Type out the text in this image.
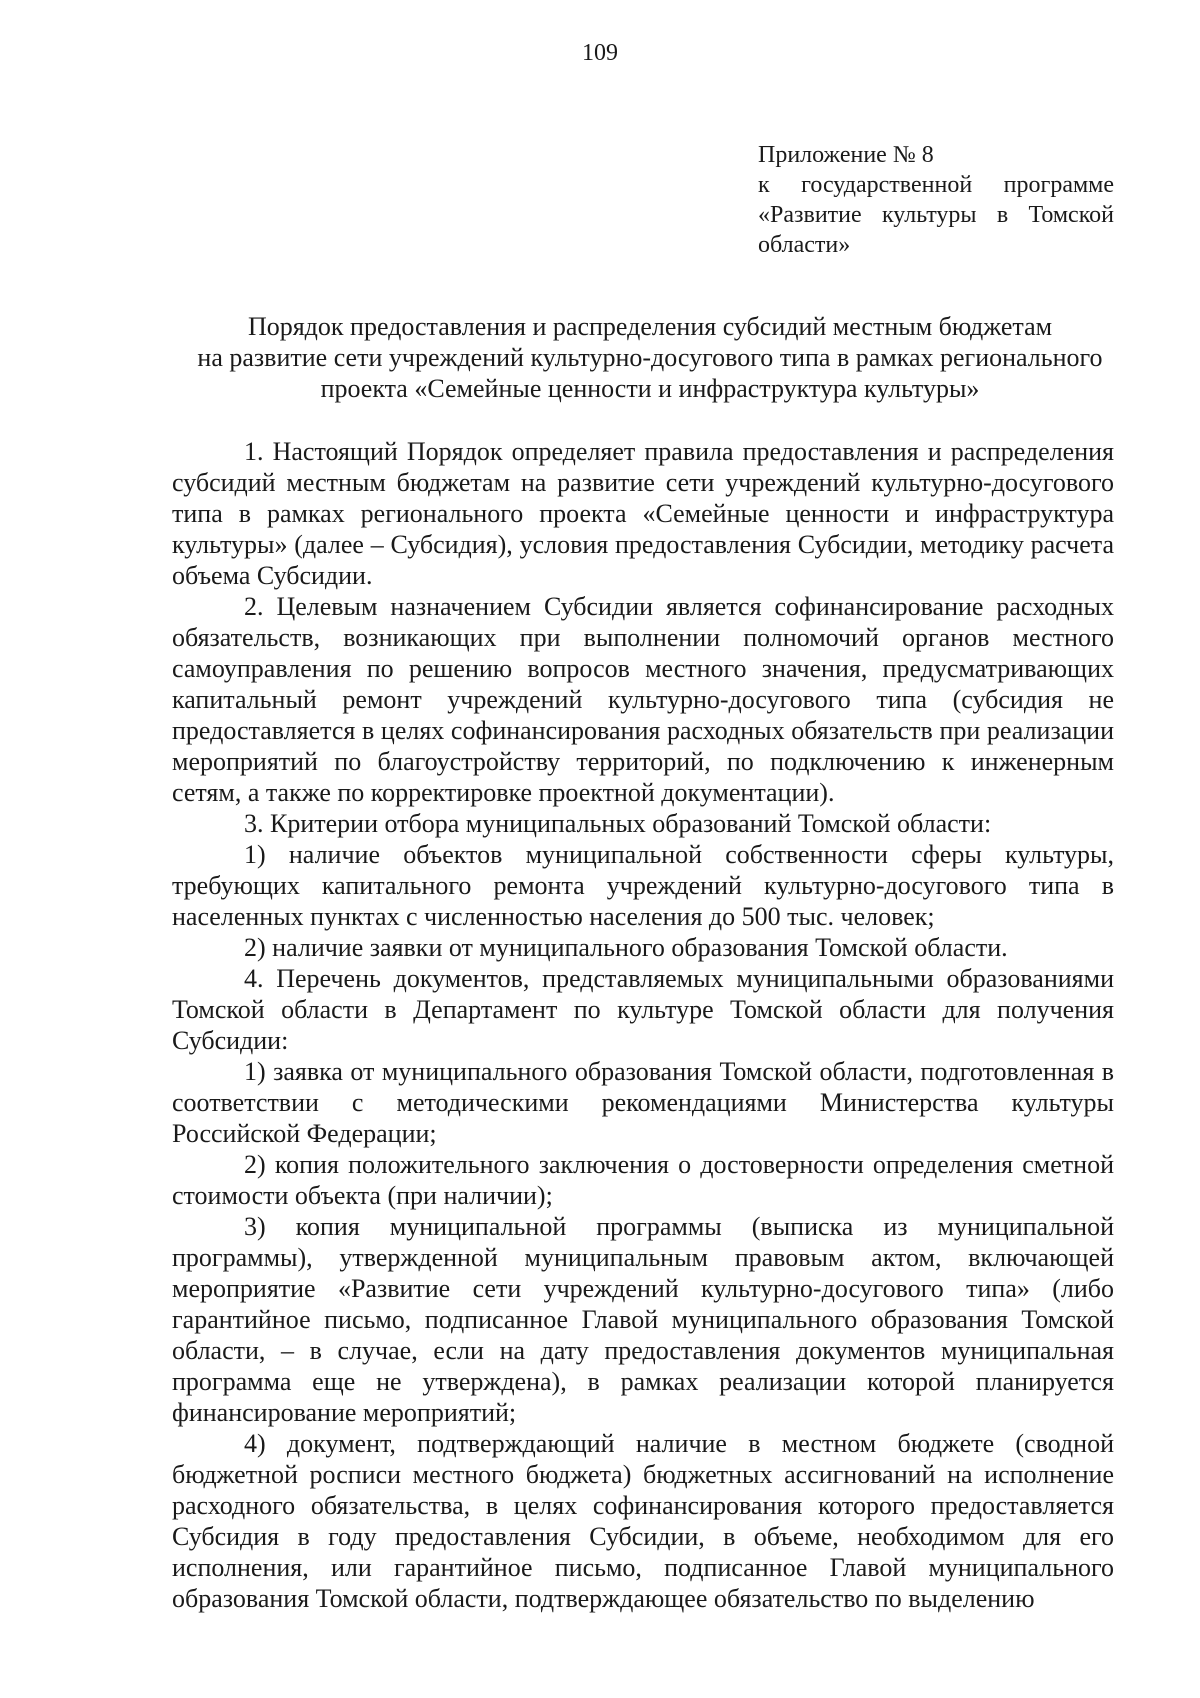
109
Приложение № 8
к государственной программе
«Развитие культуры в Томской
области»
Порядок предоставления и распределения субсидий местным бюджетам
на развитие сети учреждений культурно-досугового типа в рамках регионального
проекта «Семейные ценности и инфраструктура культуры»

1. Настоящий Порядок определяет правила предоставления и распределения субсидий местным бюджетам на развитие сети учреждений культурно-досугового типа в рамках регионального проекта «Семейные ценности и инфраструктура культуры» (далее – Субсидия), условия предоставления Субсидии, методику расчета объема Субсидии.

2. Целевым назначением Субсидии является софинансирование расходных обязательств, возникающих при выполнении полномочий органов местного самоуправления по решению вопросов местного значения, предусматривающих капитальный ремонт учреждений культурно-досугового типа (субсидия не предоставляется в целях софинансирования расходных обязательств при реализации мероприятий по благоустройству территорий, по подключению к инженерным сетям, а также по корректировке проектной документации).

3. Критерии отбора муниципальных образований Томской области:

1) наличие объектов муниципальной собственности сферы культуры, требующих капитального ремонта учреждений культурно-досугового типа в населенных пунктах с численностью населения до 500 тыс. человек;

2) наличие заявки от муниципального образования Томской области.

4. Перечень документов, представляемых муниципальными образованиями Томской области в Департамент по культуре Томской области для получения Субсидии:

1) заявка от муниципального образования Томской области, подготовленная в соответствии с методическими рекомендациями Министерства культуры Российской Федерации;

2) копия положительного заключения о достоверности определения сметной стоимости объекта (при наличии);

3) копия муниципальной программы (выписка из муниципальной программы), утвержденной муниципальным правовым актом, включающей мероприятие «Развитие сети учреждений культурно-досугового типа» (либо гарантийное письмо, подписанное Главой муниципального образования Томской области, – в случае, если на дату предоставления документов муниципальная программа еще не утверждена), в рамках реализации которой планируется финансирование мероприятий;

4) документ, подтверждающий наличие в местном бюджете (сводной бюджетной росписи местного бюджета) бюджетных ассигнований на исполнение расходного обязательства, в целях софинансирования которого предоставляется Субсидия в году предоставления Субсидии, в объеме, необходимом для его исполнения, или гарантийное письмо, подписанное Главой муниципального образования Томской области, подтверждающее обязательство по выделению
